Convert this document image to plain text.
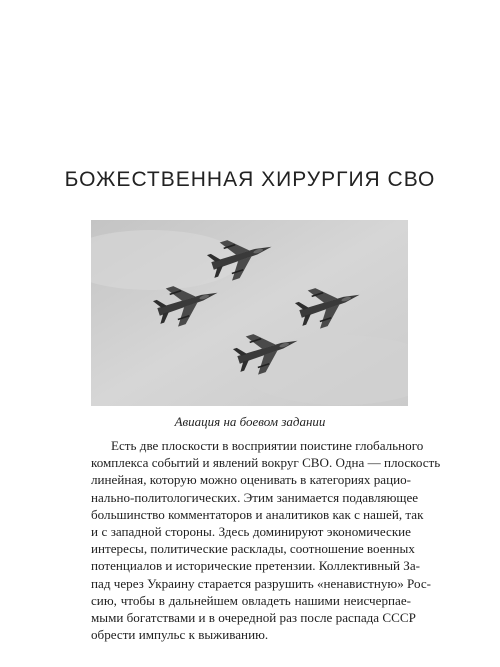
БОЖЕСТВЕННАЯ ХИРУРГИЯ СВО
Авиация на боевом задании
Есть две плоскости в восприятии поистине глобального
комплекса событий и явлений вокруг СВО. Одна — плоскость
линейная, которую можно оценивать в категориях рацио-
нально-политологических. Этим занимается подавляющее
большинство комментаторов и аналитиков как с нашей, так
и с западной стороны. Здесь доминируют экономические
интересы, политические расклады, соотношение военных
потенциалов и исторические претензии. Коллективный За-
пад через Украину старается разрушить «ненавистную» Рос-
сию, чтобы в дальнейшем овладеть нашими неисчерпае-
мыми богатствами и в очередной раз после распада СССР
обрести импульс к выживанию.
